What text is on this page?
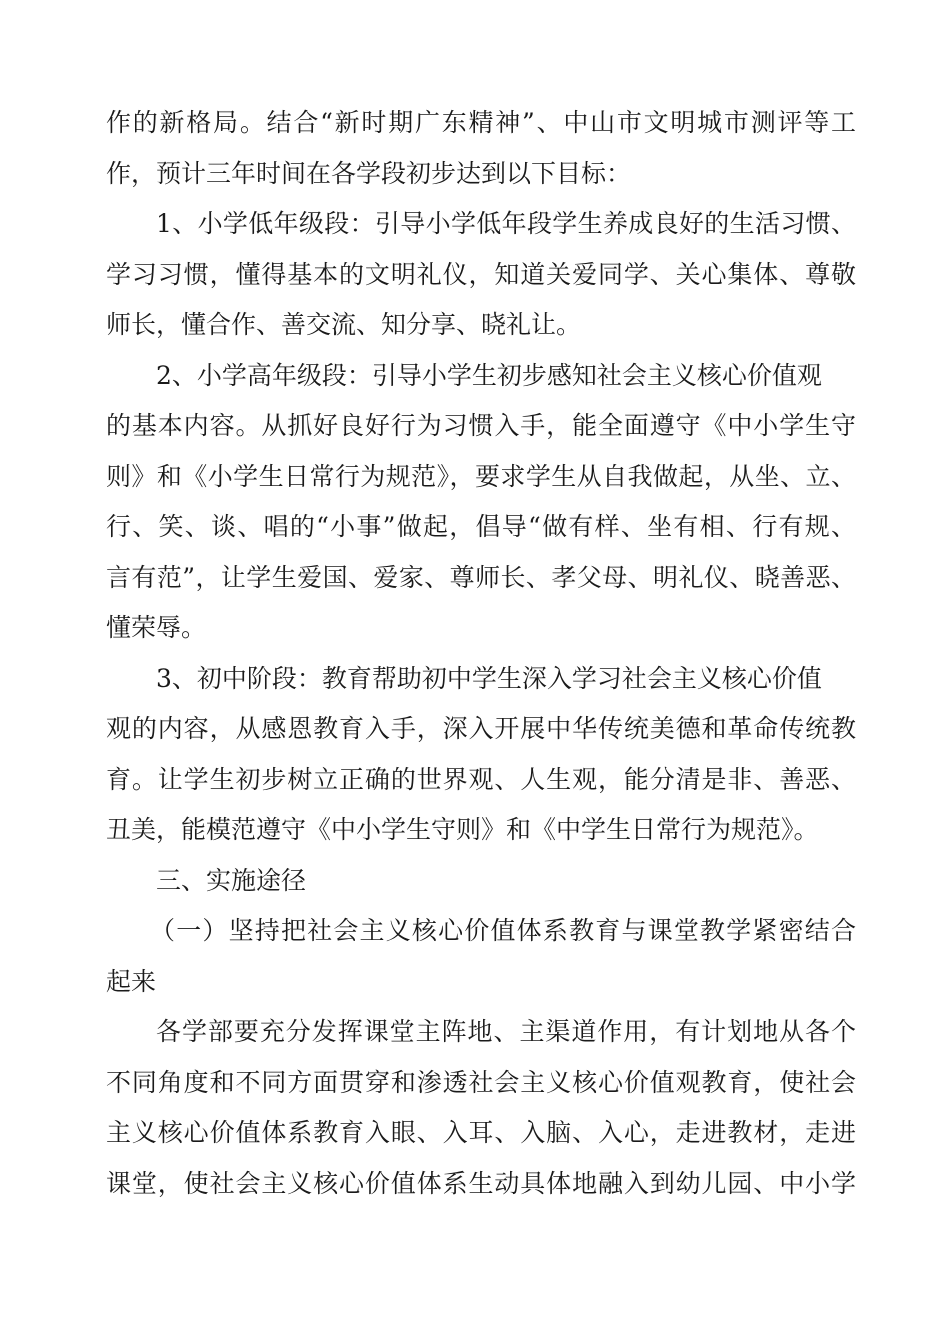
作的新格局。结合“新时期广东精神”、中山市文明城市测评等工
作，预计三年时间在各学段初步达到以下目标：
1、小学低年级段：引导小学低年段学生养成良好的生活习惯、
学习习惯，懂得基本的文明礼仪，知道关爱同学、关心集体、尊敬
师长，懂合作、善交流、知分享、晓礼让。
2、小学高年级段：引导小学生初步感知社会主义核心价值观
的基本内容。从抓好良好行为习惯入手，能全面遵守《中小学生守
则》和《小学生日常行为规范》，要求学生从自我做起，从坐、立、
行、笑、谈、唱的“小事”做起，倡导“做有样、坐有相、行有规、
言有范”，让学生爱国、爱家、尊师长、孝父母、明礼仪、晓善恶、
懂荣辱。
3、初中阶段：教育帮助初中学生深入学习社会主义核心价值
观的内容，从感恩教育入手，深入开展中华传统美德和革命传统教
育。让学生初步树立正确的世界观、人生观，能分清是非、善恶、
丑美，能模范遵守《中小学生守则》和《中学生日常行为规范》。
三、实施途径
（一）坚持把社会主义核心价值体系教育与课堂教学紧密结合
起来
各学部要充分发挥课堂主阵地、主渠道作用，有计划地从各个
不同角度和不同方面贯穿和渗透社会主义核心价值观教育，使社会
主义核心价值体系教育入眼、入耳、入脑、入心，走进教材，走进
课堂，使社会主义核心价值体系生动具体地融入到幼儿园、中小学
